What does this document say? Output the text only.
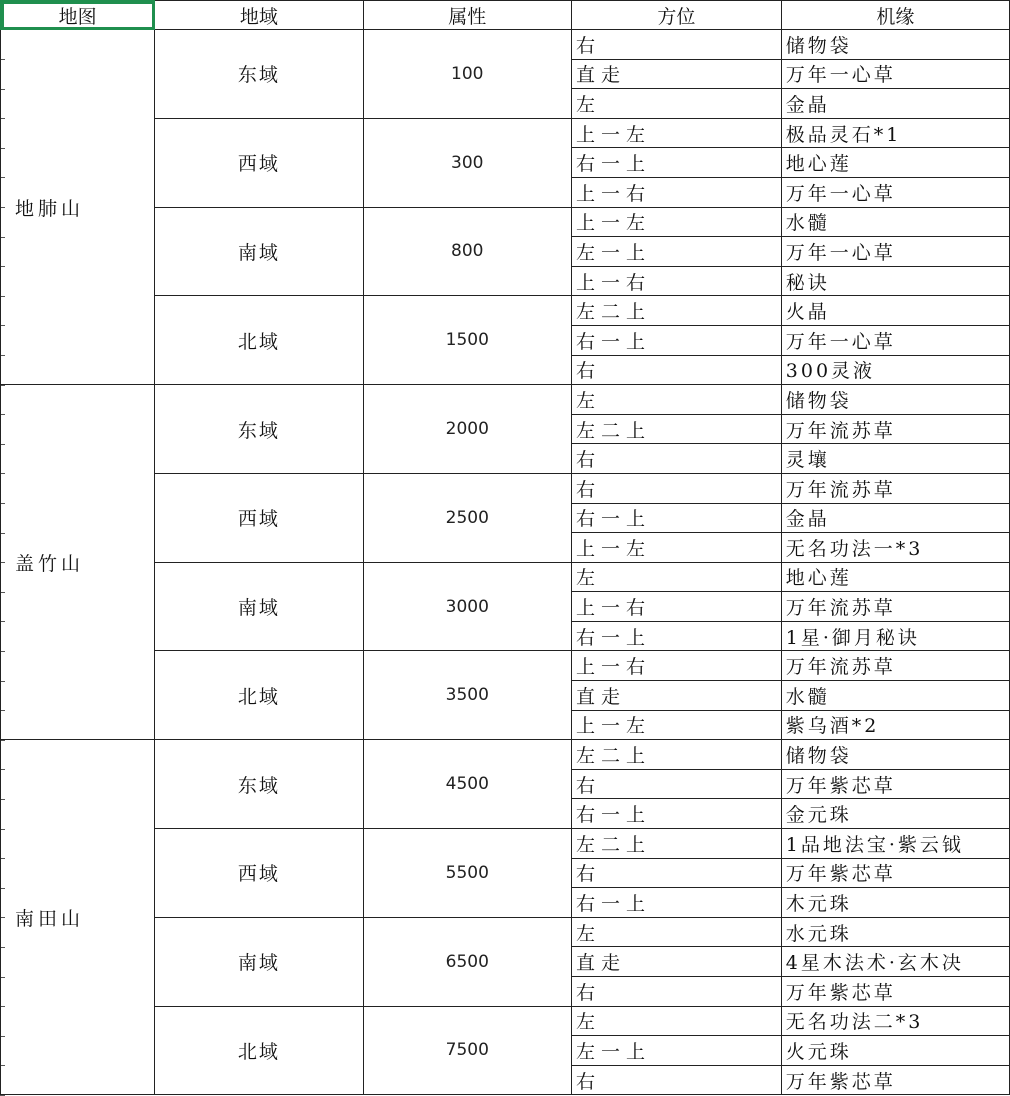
地图	地域	属性	方位	机缘
地肺山	东域	100	右	储物袋
			直走	万年一心草
			左	金晶
	西域	300	上一左	极品灵石*1
			右一上	地心莲
			上一右	万年一心草
	南域	800	上一左	水髓
			左一上	万年一心草
			上一右	秘诀
	北域	1500	左二上	火晶
			右一上	万年一心草
			右	300灵液
盖竹山	东域	2000	左	储物袋
			左二上	万年流苏草
			右	灵壤
	西域	2500	右	万年流苏草
			右一上	金晶
			上一左	无名功法一*3
	南域	3000	左	地心莲
			上一右	万年流苏草
			右一上	1星·御月秘诀
	北域	3500	上一右	万年流苏草
			直走	水髓
			上一左	紫乌酒*2
南田山	东域	4500	左二上	储物袋
			右	万年紫芯草
			右一上	金元珠
	西域	5500	左二上	1品地法宝·紫云钺
			右	万年紫芯草
			右一上	木元珠
	南域	6500	左	水元珠
			直走	4星木法术·玄木决
			右	万年紫芯草
	北域	7500	左	无名功法二*3
			左一上	火元珠
			右	万年紫芯草
